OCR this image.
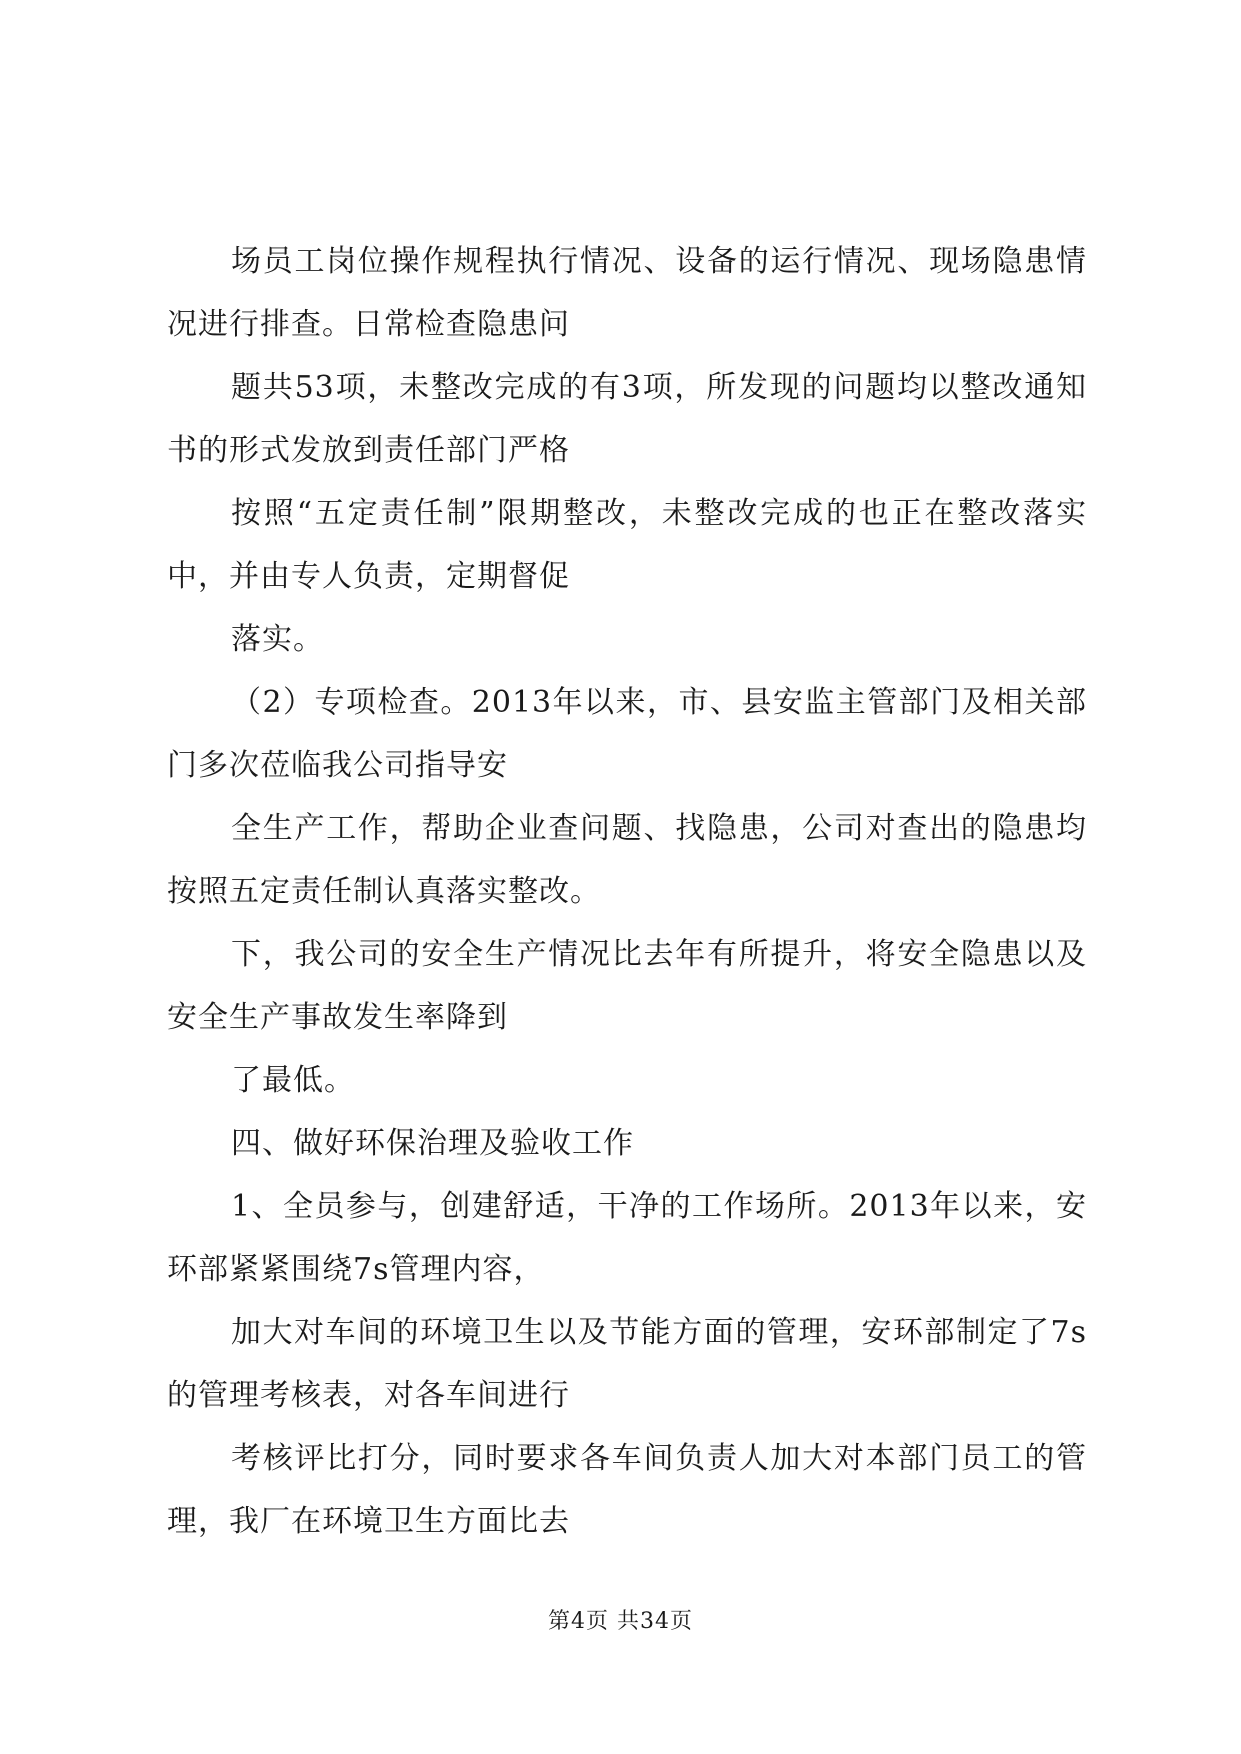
场员工岗位操作规程执行情况、设备的运行情况、现场隐患情况进行排查。日常检查隐患问

题共53项，未整改完成的有3项，所发现的问题均以整改通知书的形式发放到责任部门严格

按照“五定责任制”限期整改，未整改完成的也正在整改落实中，并由专人负责，定期督促

落实。

（2）专项检查。2013年以来，市、县安监主管部门及相关部门多次莅临我公司指导安

全生产工作，帮助企业查问题、找隐患，公司对查出的隐患均按照五定责任制认真落实整改。

下，我公司的安全生产情况比去年有所提升，将安全隐患以及安全生产事故发生率降到

了最低。

四、做好环保治理及验收工作

1、全员参与，创建舒适，干净的工作场所。2013年以来，安环部紧紧围绕7s管理内容，

加大对车间的环境卫生以及节能方面的管理，安环部制定了7s的管理考核表，对各车间进行

考核评比打分，同时要求各车间负责人加大对本部门员工的管理，我厂在环境卫生方面比去

第4页 共34页
